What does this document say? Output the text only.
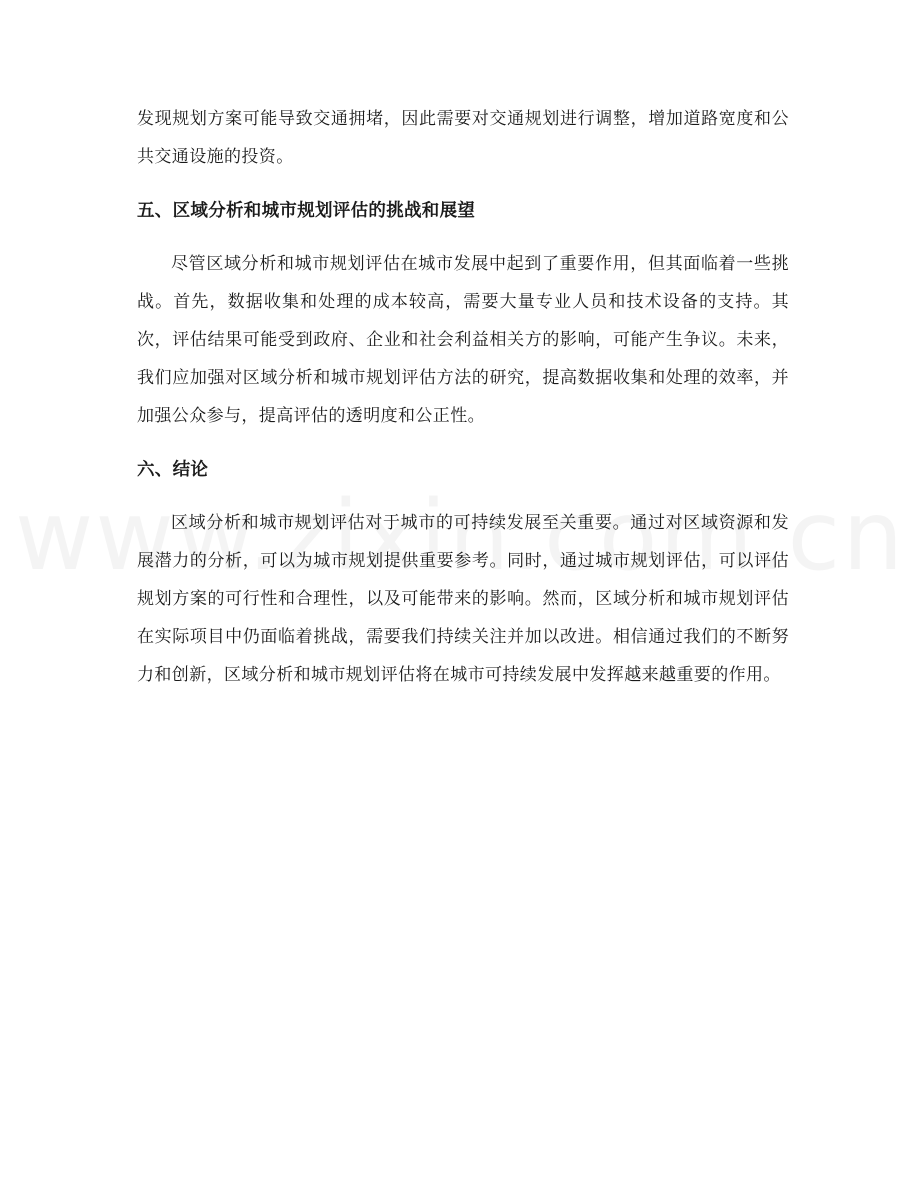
发现规划方案可能导致交通拥堵，因此需要对交通规划进行调整，增加道路宽度和公共交通设施的投资。

五、区域分析和城市规划评估的挑战和展望

尽管区域分析和城市规划评估在城市发展中起到了重要作用，但其面临着一些挑战。首先，数据收集和处理的成本较高，需要大量专业人员和技术设备的支持。其次，评估结果可能受到政府、企业和社会利益相关方的影响，可能产生争议。未来，我们应加强对区域分析和城市规划评估方法的研究，提高数据收集和处理的效率，并加强公众参与，提高评估的透明度和公正性。

六、结论

区域分析和城市规划评估对于城市的可持续发展至关重要。通过对区域资源和发展潜力的分析，可以为城市规划提供重要参考。同时，通过城市规划评估，可以评估规划方案的可行性和合理性，以及可能带来的影响。然而，区域分析和城市规划评估在实际项目中仍面临着挑战，需要我们持续关注并加以改进。相信通过我们的不断努力和创新，区域分析和城市规划评估将在城市可持续发展中发挥越来越重要的作用。
